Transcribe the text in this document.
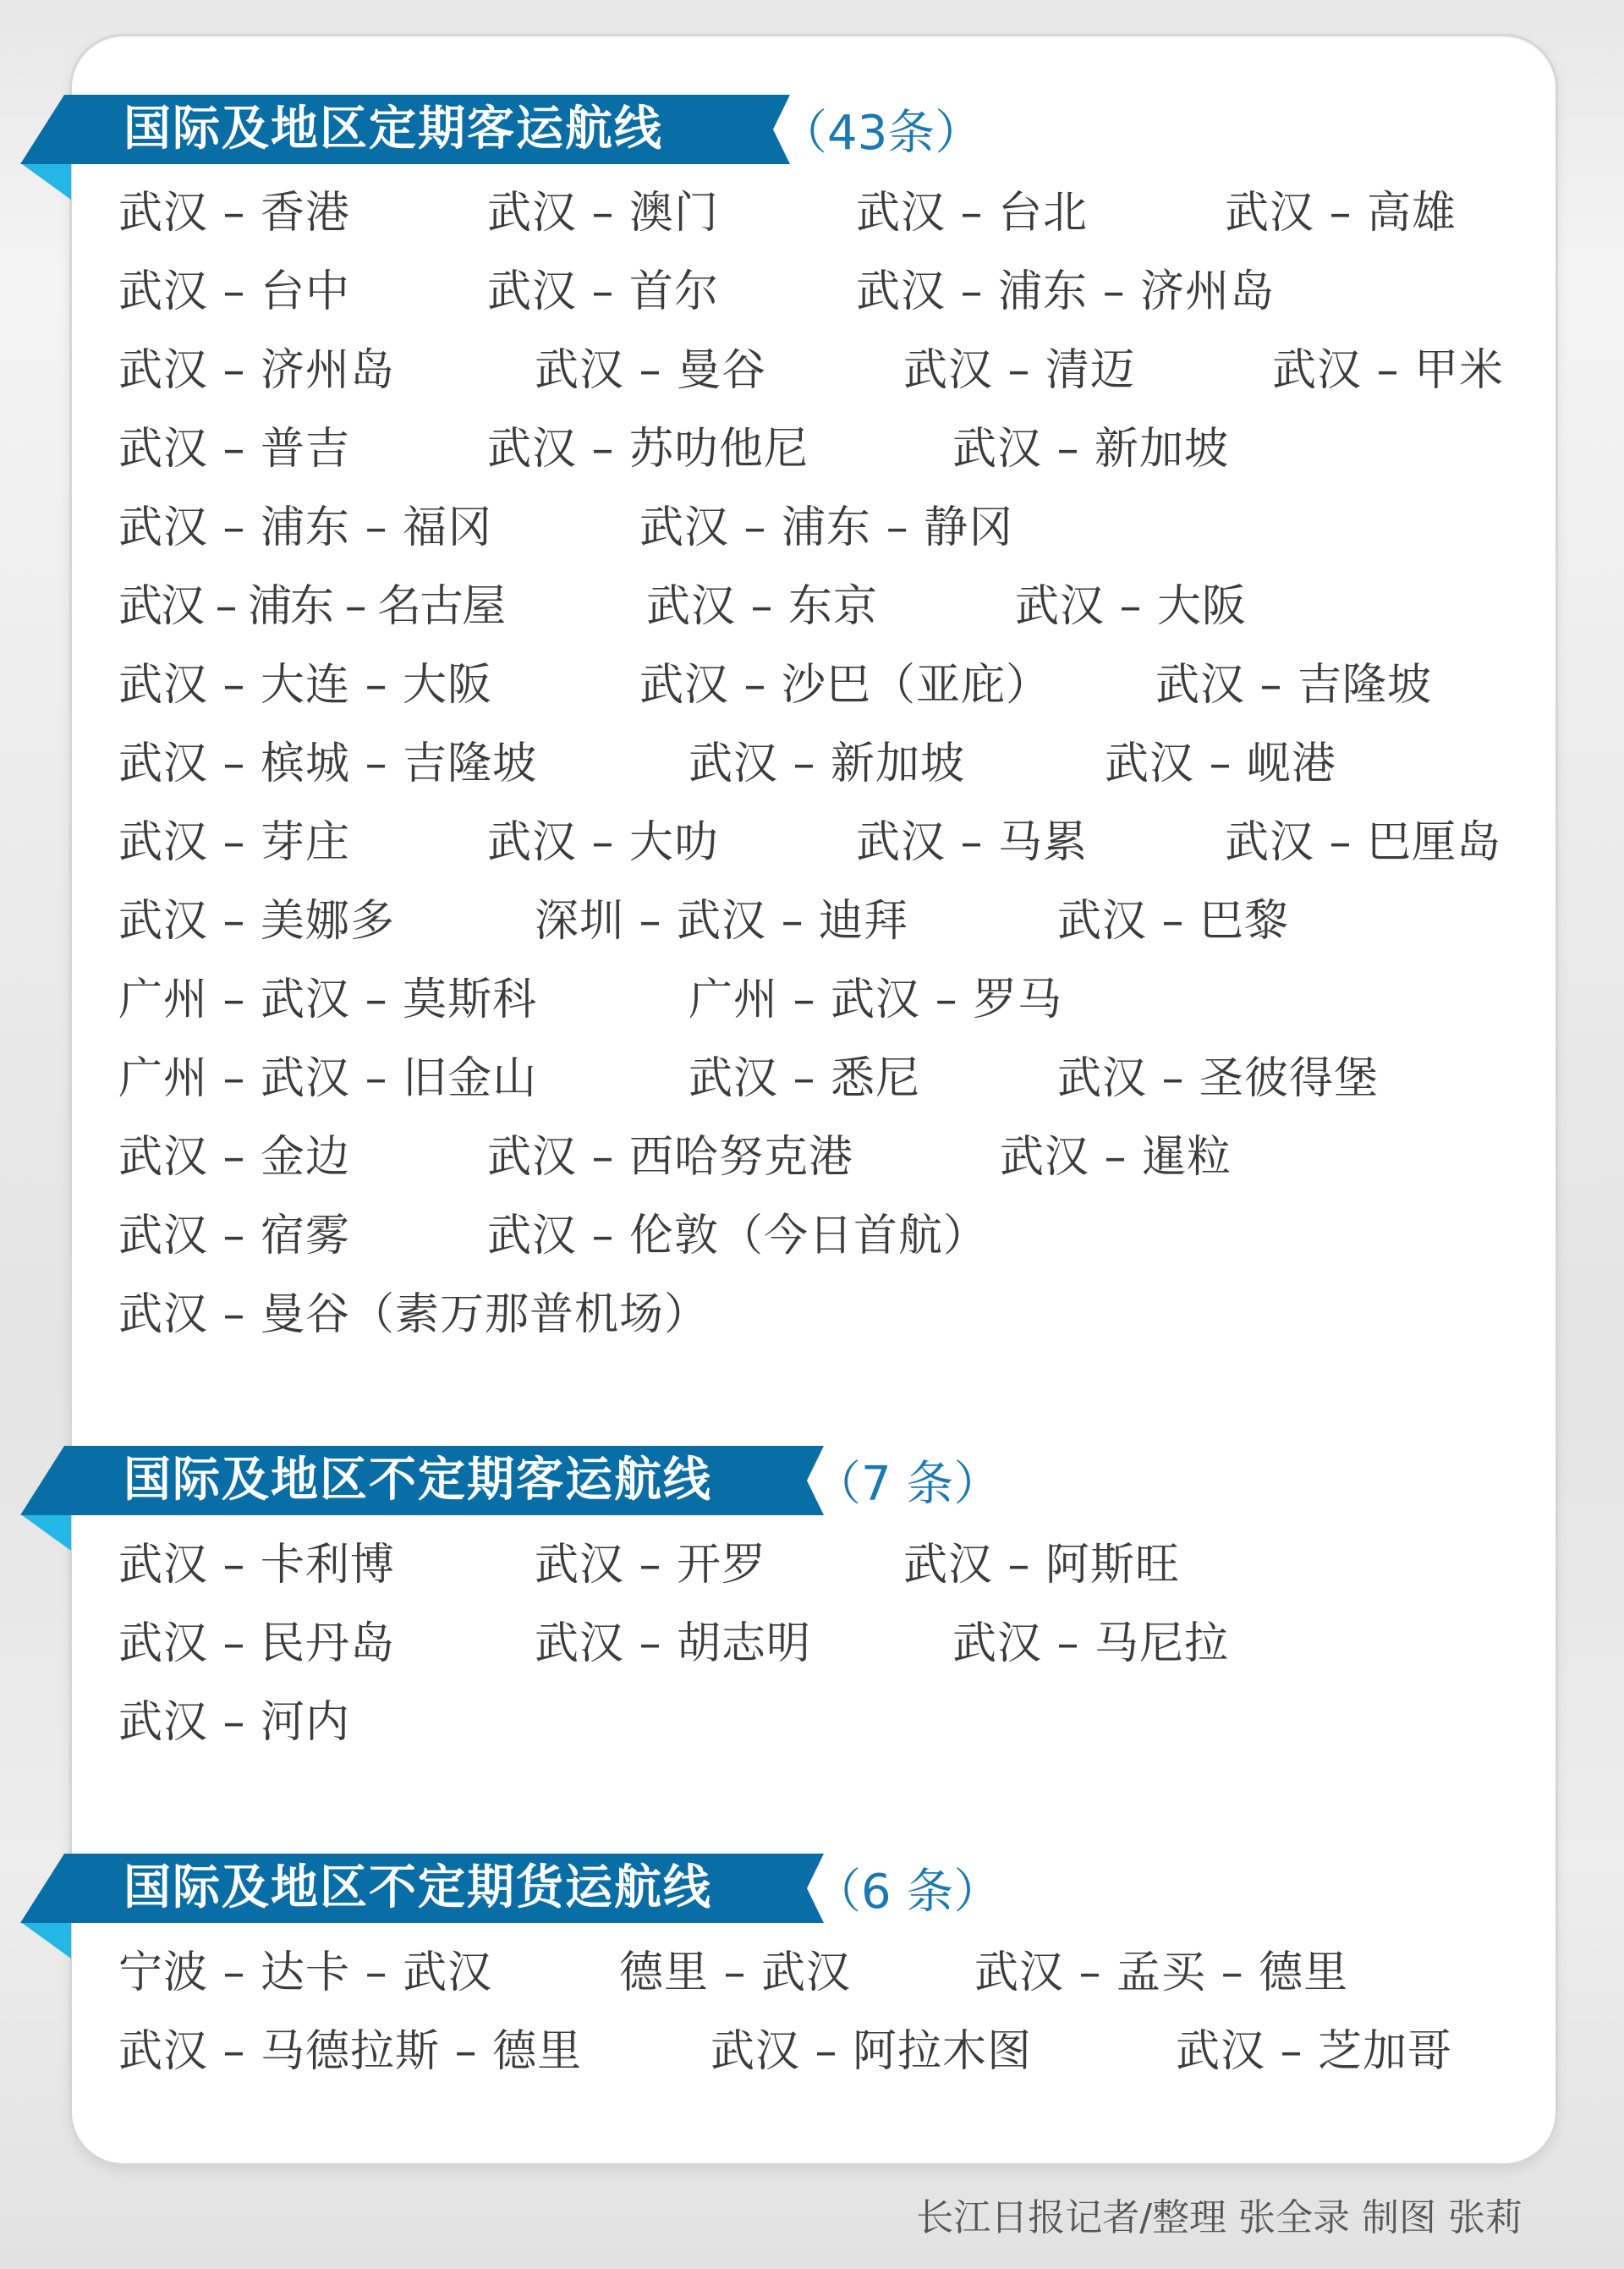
国际及地区定期客运航线 （43条）
武汉 – 香港	武汉 – 澳门	武汉 – 台北	武汉 – 高雄
武汉 – 台中	武汉 – 首尔	武汉 – 浦东 – 济州岛
武汉 – 济州岛	武汉 – 曼谷	武汉 – 清迈	武汉 – 甲米
武汉 – 普吉	武汉 – 苏叻他尼	武汉 – 新加坡
武汉 – 浦东 – 福冈	武汉 – 浦东 – 静冈
武汉 – 浦东 – 名古屋	武汉 – 东京	武汉 – 大阪
武汉 – 大连 – 大阪	武汉 – 沙巴（亚庇） 武汉 – 吉隆坡
武汉 – 槟城 – 吉隆坡	武汉 – 新加坡	武汉 – 岘港
武汉 – 芽庄	武汉 – 大叻	武汉 – 马累	武汉 – 巴厘岛
武汉 – 美娜多	深圳 – 武汉 – 迪拜	武汉 – 巴黎
广州 – 武汉 – 莫斯科	广州 – 武汉 – 罗马
广州 – 武汉 – 旧金山	武汉 – 悉尼	武汉 – 圣彼得堡
武汉 – 金边	武汉 – 西哈努克港	武汉 – 暹粒
武汉 – 宿雾	武汉 – 伦敦（今日首航）
武汉 – 曼谷（素万那普机场）
国际及地区不定期客运航线 （7 条）
武汉 – 卡利博	武汉 – 开罗	武汉 – 阿斯旺
武汉 – 民丹岛	武汉 – 胡志明	武汉 – 马尼拉
武汉 – 河内
国际及地区不定期货运航线 （6 条）
宁波 – 达卡 – 武汉	德里 – 武汉	武汉 – 孟买 – 德里
武汉 – 马德拉斯 – 德里	武汉 – 阿拉木图	武汉 – 芝加哥
长江日报记者/整理 张全录 制图 张莉
